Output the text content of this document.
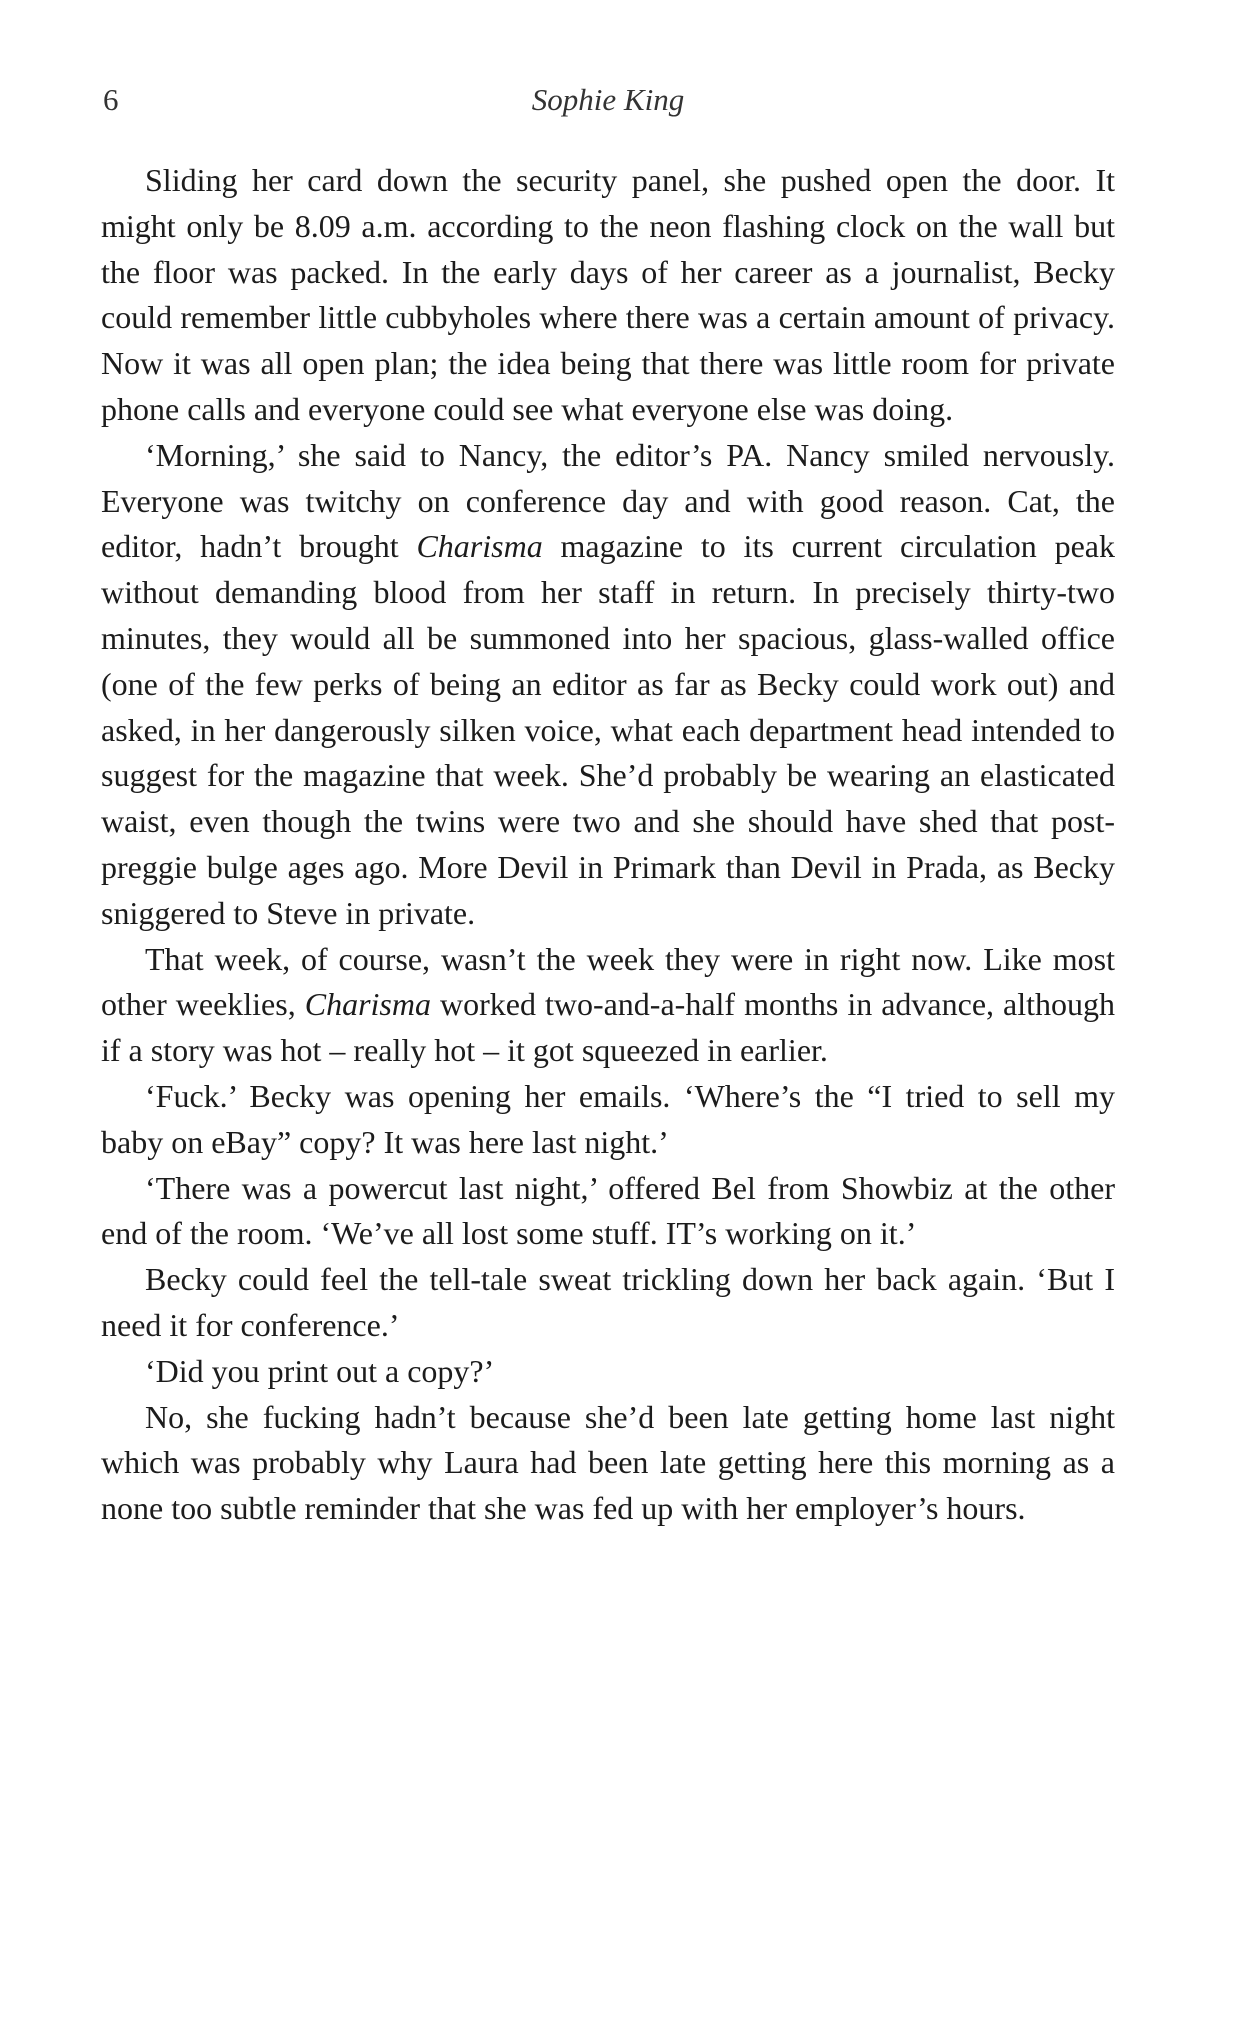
6	Sophie King

Sliding her card down the security panel, she pushed open the door. It might only be 8.09 a.m. according to the neon flashing clock on the wall but the floor was packed. In the early days of her career as a journalist, Becky could remember little cubbyholes where there was a certain amount of privacy. Now it was all open plan; the idea being that there was little room for private phone calls and everyone could see what everyone else was doing.

‘Morning,’ she said to Nancy, the editor’s PA. Nancy smiled nervously. Everyone was twitchy on conference day and with good reason. Cat, the editor, hadn’t brought Charisma magazine to its current circulation peak without demanding blood from her staff in return. In precisely thirty-two minutes, they would all be summoned into her spacious, glass-walled office (one of the few perks of being an editor as far as Becky could work out) and asked, in her dangerously silken voice, what each department head intended to suggest for the magazine that week. She’d probably be wearing an elasticated waist, even though the twins were two and she should have shed that post-preggie bulge ages ago. More Devil in Primark than Devil in Prada, as Becky sniggered to Steve in private.

That week, of course, wasn’t the week they were in right now. Like most other weeklies, Charisma worked two-and-a-half months in advance, although if a story was hot – really hot – it got squeezed in earlier.

‘Fuck.’ Becky was opening her emails. ‘Where’s the “I tried to sell my baby on eBay” copy? It was here last night.’

‘There was a powercut last night,’ offered Bel from Showbiz at the other end of the room. ‘We’ve all lost some stuff. IT’s working on it.’

Becky could feel the tell-tale sweat trickling down her back again. ‘But I need it for conference.’

‘Did you print out a copy?’

No, she fucking hadn’t because she’d been late getting home last night which was probably why Laura had been late getting here this morning as a none too subtle reminder that she was fed up with her employer’s hours.
